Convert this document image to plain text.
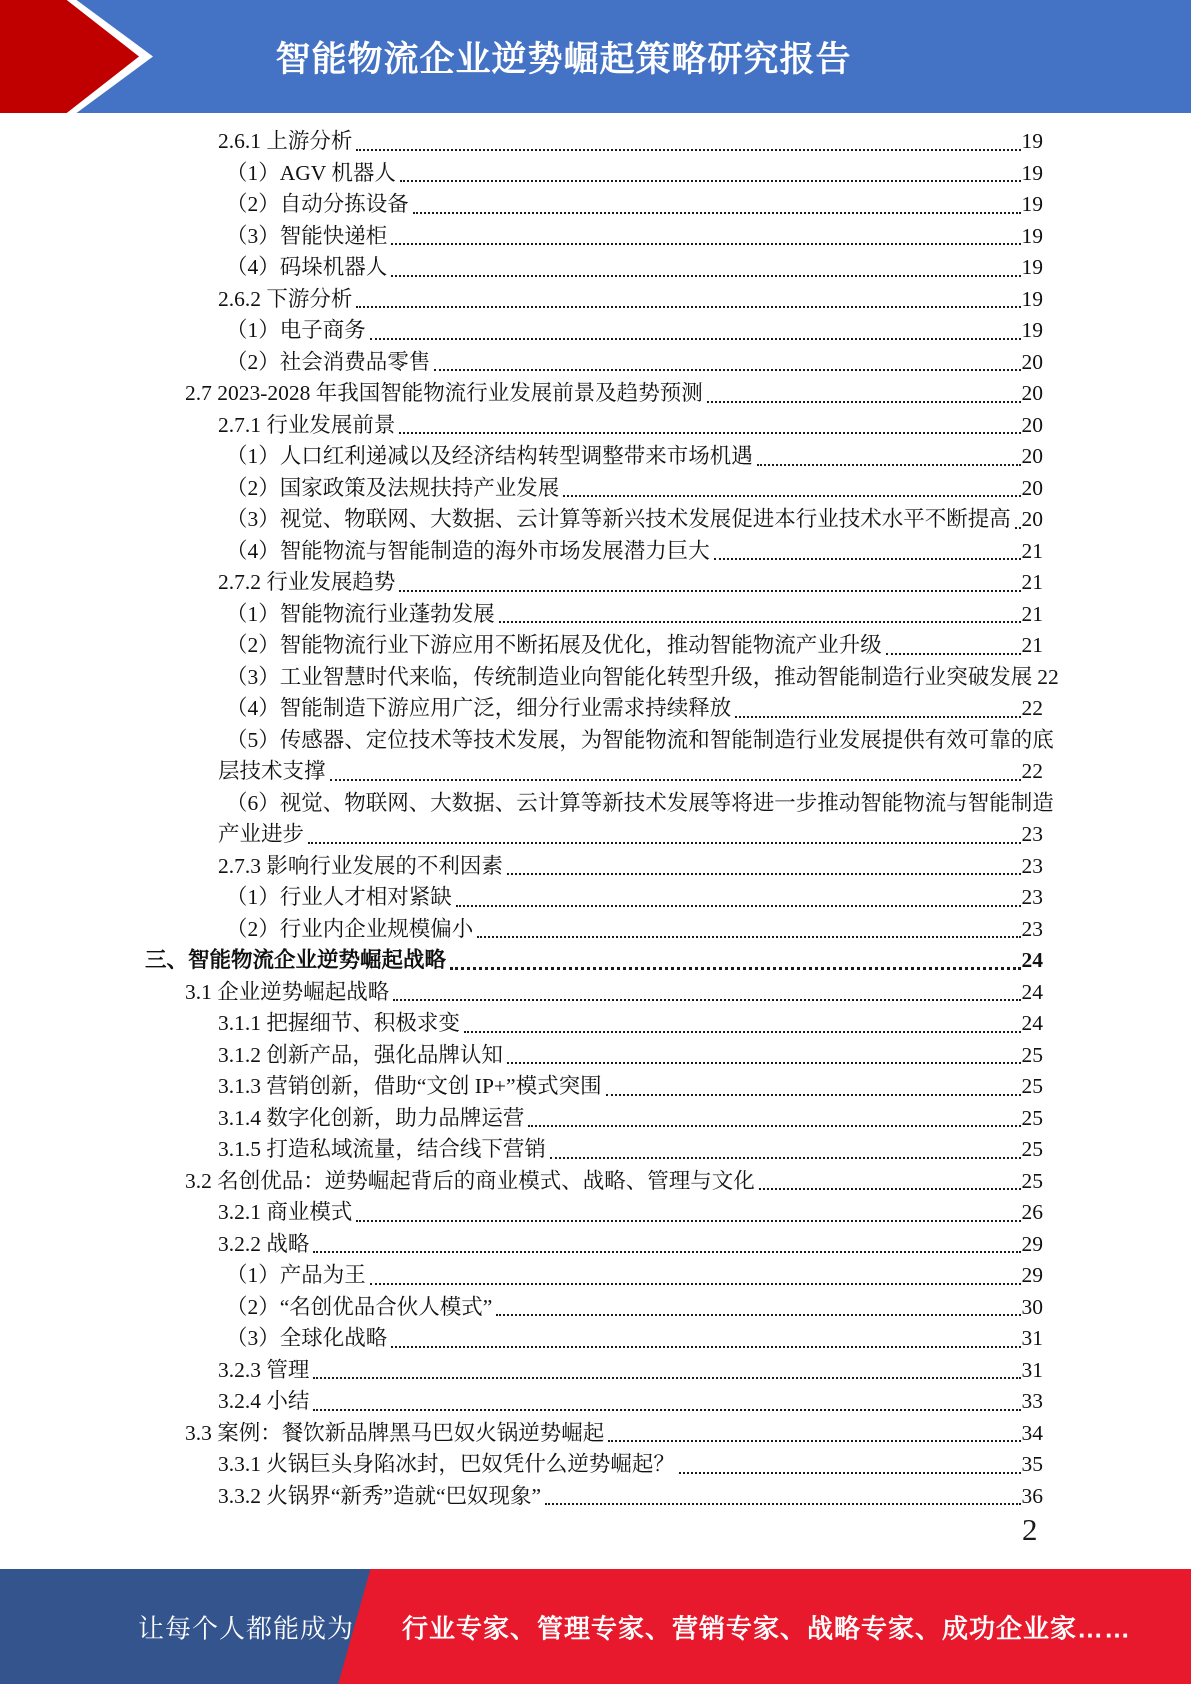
智能物流企业逆势崛起策略研究报告
2.6.1 上游分析	19
（1）AGV 机器人	19
（2）自动分拣设备	19
（3）智能快递柜	19
（4）码垛机器人	19
2.6.2 下游分析	19
（1）电子商务	19
（2）社会消费品零售	20
2.7 2023-2028 年我国智能物流行业发展前景及趋势预测	20
2.7.1 行业发展前景	20
（1）人口红利递减以及经济结构转型调整带来市场机遇	20
（2）国家政策及法规扶持产业发展	20
（3）视觉、物联网、大数据、云计算等新兴技术发展促进本行业技术水平不断提高 20
（4）智能物流与智能制造的海外市场发展潜力巨大	21
2.7.2 行业发展趋势	21
（1）智能物流行业蓬勃发展	21
（2）智能物流行业下游应用不断拓展及优化，推动智能物流产业升级	21
（3）工业智慧时代来临，传统制造业向智能化转型升级，推动智能制造行业突破发展 22
（4）智能制造下游应用广泛，细分行业需求持续释放	22
（5）传感器、定位技术等技术发展，为智能物流和智能制造行业发展提供有效可靠的底
层技术支撑	22
（6）视觉、物联网、大数据、云计算等新技术发展等将进一步推动智能物流与智能制造
产业进步	23
2.7.3 影响行业发展的不利因素	23
（1）行业人才相对紧缺	23
（2）行业内企业规模偏小	23
三、智能物流企业逆势崛起战略	24
3.1 企业逆势崛起战略	24
3.1.1 把握细节、积极求变	24
3.1.2 创新产品，强化品牌认知	25
3.1.3 营销创新，借助“文创 IP+”模式突围	25
3.1.4 数字化创新，助力品牌运营	25
3.1.5 打造私域流量，结合线下营销	25
3.2 名创优品：逆势崛起背后的商业模式、战略、管理与文化	25
3.2.1 商业模式	26
3.2.2 战略	29
（1）产品为王	29
（2）“名创优品合伙人模式”	30
（3）全球化战略	31
3.2.3 管理	31
3.2.4 小结	33
3.3 案例：餐饮新品牌黑马巴奴火锅逆势崛起	34
3.3.1 火锅巨头身陷冰封，巴奴凭什么逆势崛起？	35
3.3.2 火锅界“新秀”造就“巴奴现象”	36
2
让每个人都能成为 行业专家、管理专家、营销专家、战略专家、成功企业家……
